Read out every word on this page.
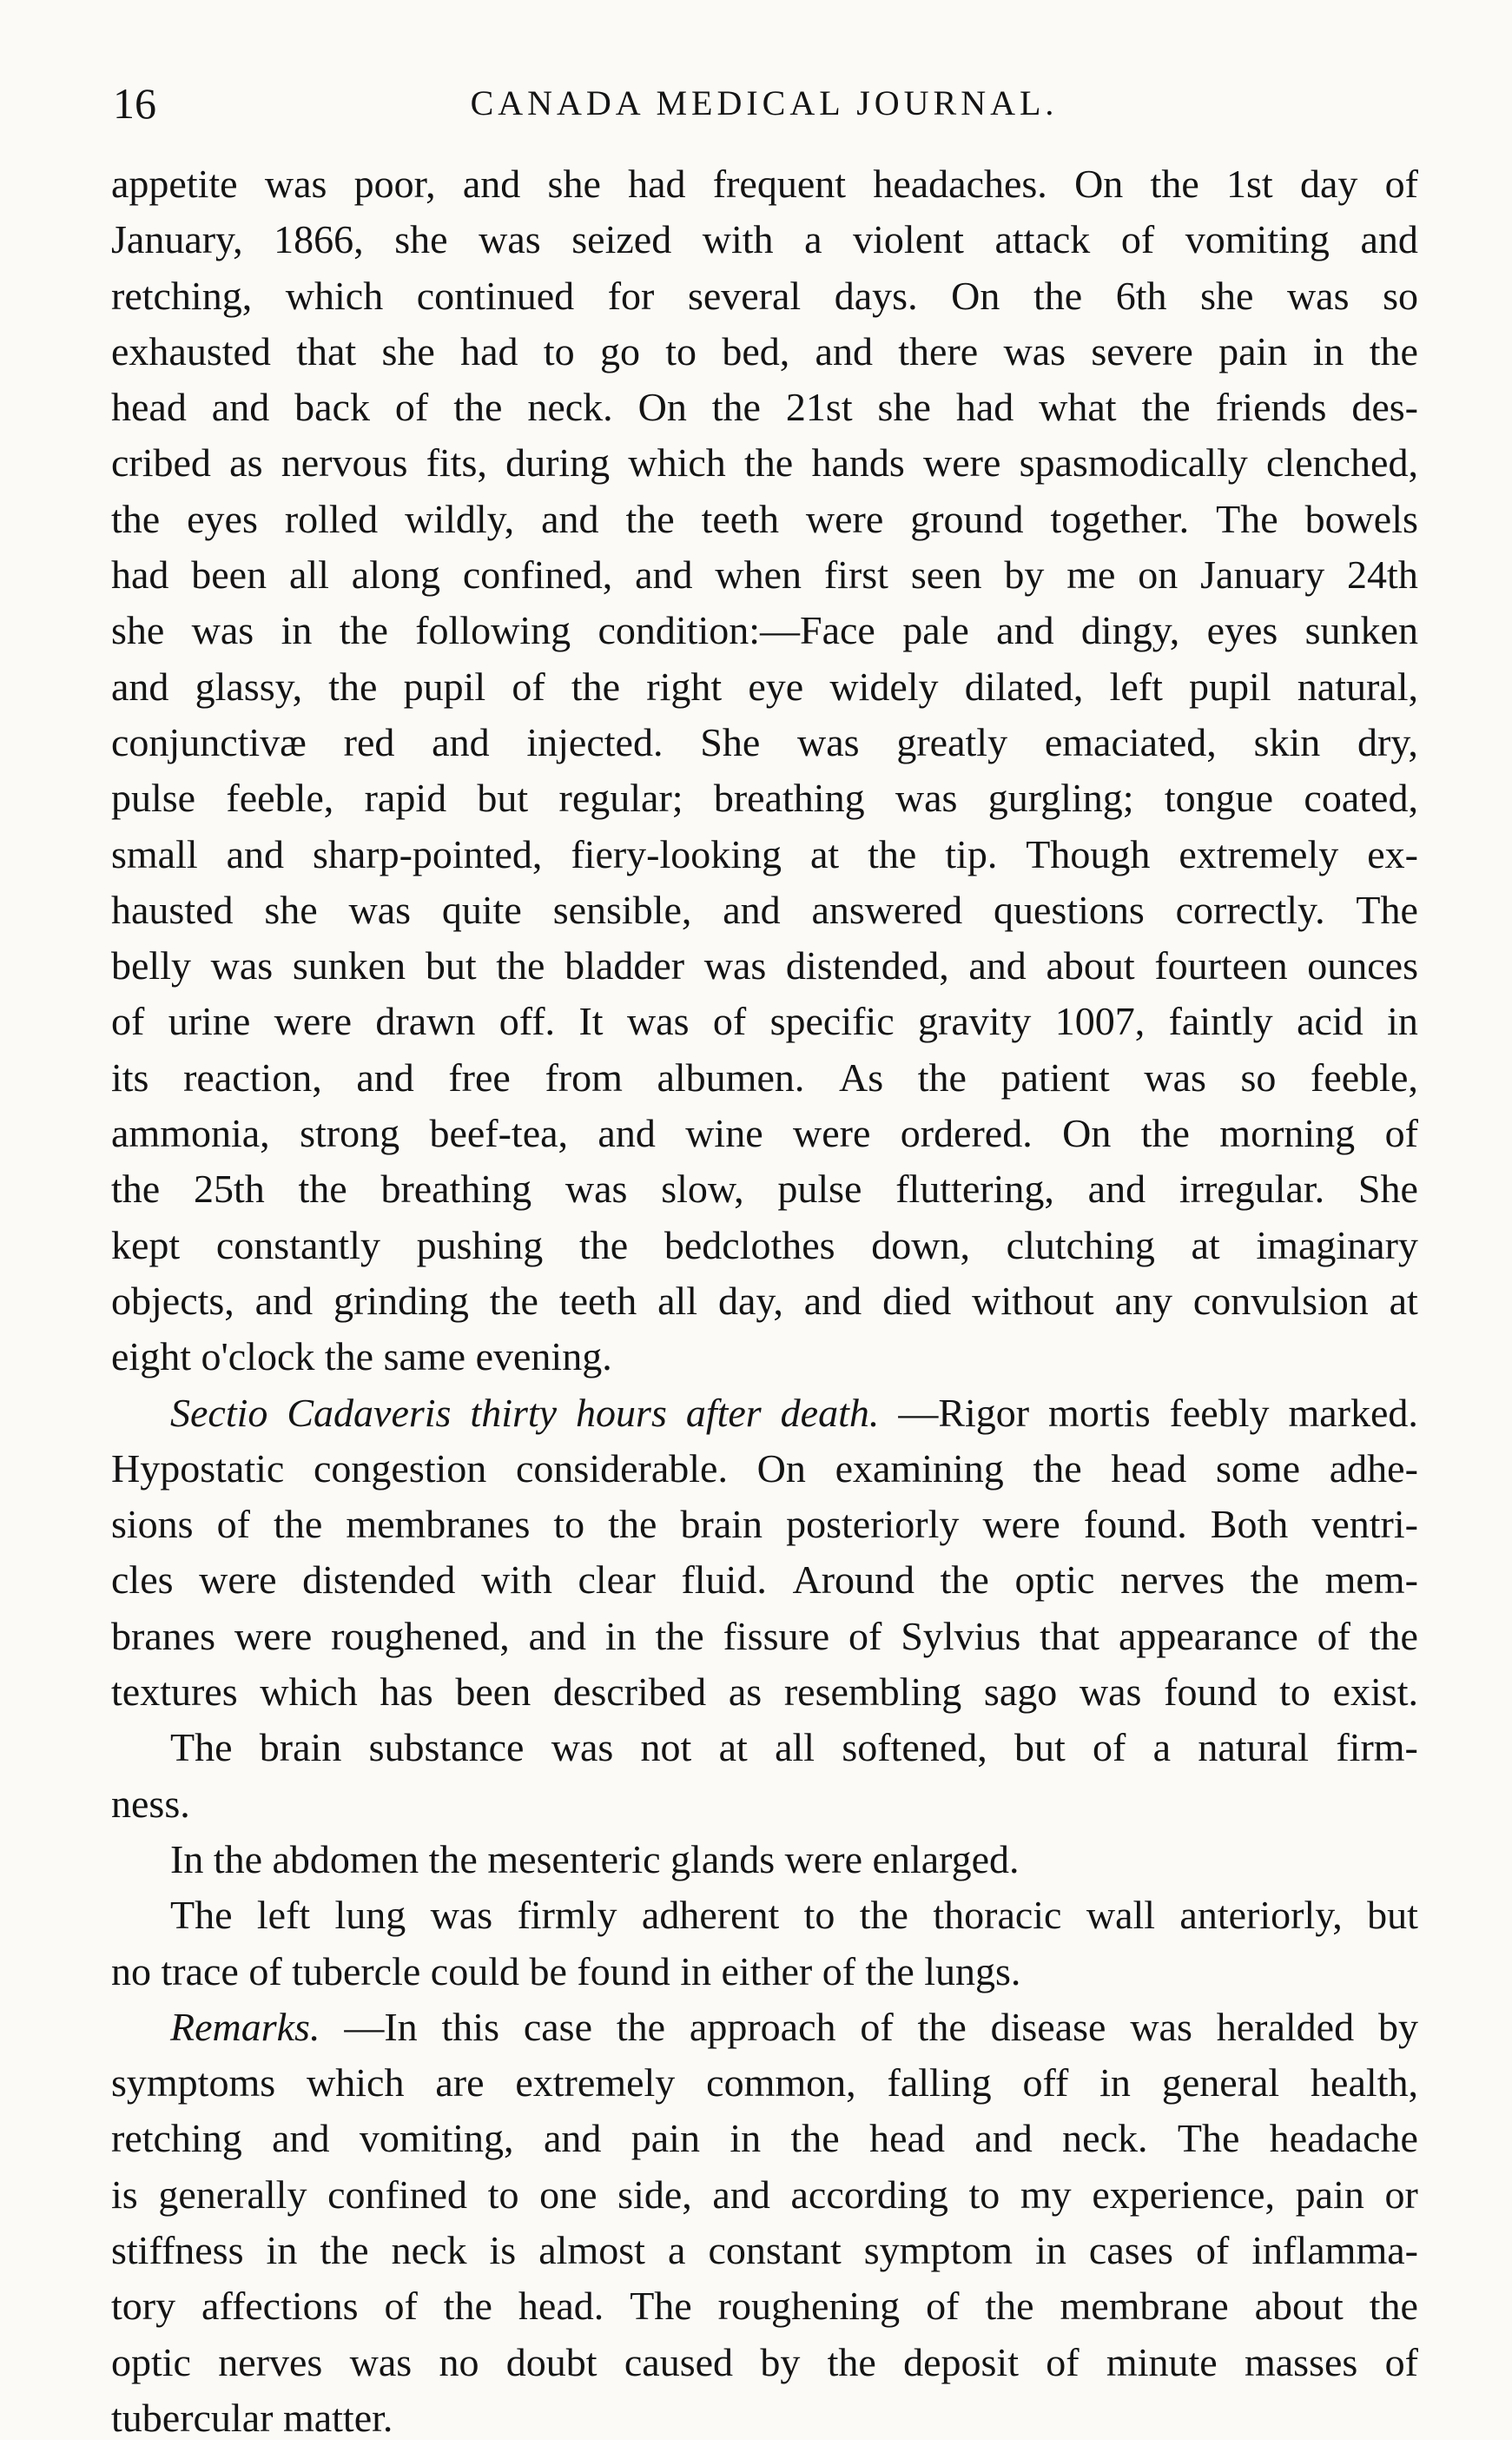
16	CANADA MEDICAL JOURNAL.
appetite was poor, and she had frequent headaches. On the 1st day of
January, 1866, she was seized with a violent attack of vomiting and
retching, which continued for several days. On the 6th she was so
exhausted that she had to go to bed, and there was severe pain in the
head and back of the neck. On the 21st she had what the friends des-
cribed as nervous fits, during which the hands were spasmodically clenched,
the eyes rolled wildly, and the teeth were ground together. The bowels
had been all along confined, and when first seen by me on January 24th
she was in the following condition:—Face pale and dingy, eyes sunken
and glassy, the pupil of the right eye widely dilated, left pupil natural,
conjunctivæ red and injected. She was greatly emaciated, skin dry,
pulse feeble, rapid but regular; breathing was gurgling; tongue coated,
small and sharp-pointed, fiery-looking at the tip. Though extremely ex-
hausted she was quite sensible, and answered questions correctly. The
belly was sunken but the bladder was distended, and about fourteen ounces
of urine were drawn off. It was of specific gravity 1007, faintly acid in
its reaction, and free from albumen. As the patient was so feeble,
ammonia, strong beef-tea, and wine were ordered. On the morning of
the 25th the breathing was slow, pulse fluttering, and irregular. She
kept constantly pushing the bedclothes down, clutching at imaginary
objects, and grinding the teeth all day, and died without any convulsion at
eight o'clock the same evening.
Sectio Cadaveris thirty hours after death. —Rigor mortis feebly marked.
Hypostatic congestion considerable. On examining the head some adhe-
sions of the membranes to the brain posteriorly were found. Both ventri-
cles were distended with clear fluid. Around the optic nerves the mem-
branes were roughened, and in the fissure of Sylvius that appearance of the
textures which has been described as resembling sago was found to exist.
The brain substance was not at all softened, but of a natural firm-
ness.
In the abdomen the mesenteric glands were enlarged.
The left lung was firmly adherent to the thoracic wall anteriorly, but
no trace of tubercle could be found in either of the lungs.
Remarks. —In this case the approach of the disease was heralded by
symptoms which are extremely common, falling off in general health,
retching and vomiting, and pain in the head and neck. The headache
is generally confined to one side, and according to my experience, pain or
stiffness in the neck is almost a constant symptom in cases of inflamma-
tory affections of the head. The roughening of the membrane about the
optic nerves was no doubt caused by the deposit of minute masses of
tubercular matter.
